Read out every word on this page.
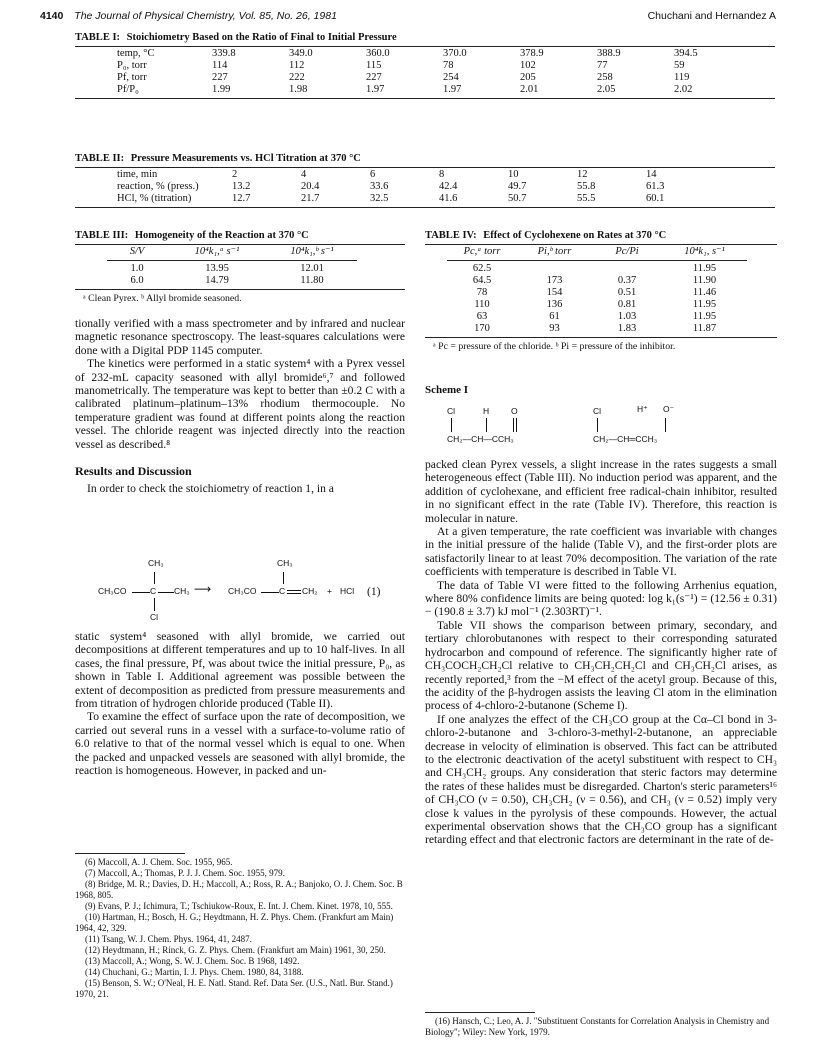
4140 The Journal of Physical Chemistry, Vol. 85, No. 26, 1981	Chuchani and Hernandez A
TABLE I: Stoichiometry Based on the Ratio of Final to Initial Pressure
temp, °C	339.8	349.0	360.0	370.0	378.9	388.9	394.5
P₀, torr	114	112	115	78	102	77	59
Pf, torr	227	222	227	254	205	258	119
Pf/P₀	1.99	1.98	1.97	1.97	2.01	2.05	2.02
TABLE II: Pressure Measurements vs. HCl Titration at 370 °C
time, min	2	4	6	8	10	12	14
reaction, % (press.)	13.2	20.4	33.6	42.4	49.7	55.8	61.3
HCl, % (titration)	12.7	21.7	32.5	41.6	50.7	55.5	60.1
TABLE III: Homogeneity of the Reaction at 370 °C
S/V	10⁴k₁,ᵃ s⁻¹	10⁴k₁,ᵇ s⁻¹
1.0	13.95	12.01
6.0	14.79	11.80
ᵃ Clean Pyrex. ᵇ Allyl bromide seasoned.
TABLE IV: Effect of Cyclohexene on Rates at 370 °C
Pc,ᵃ torr	Pi,ᵇ torr	Pc/Pi	10⁴k₁, s⁻¹
62.5			11.95
64.5	173	0.37	11.90
78	154	0.51	11.46
110	136	0.81	11.95
63	61	1.03	11.95
170	93	1.83	11.87
ᵃ Pc = pressure of the chloride. ᵇ Pi = pressure of the inhibitor.

tionally verified with a mass spectrometer and by infrared and nuclear magnetic resonance spectroscopy. The least-squares calculations were done with a Digital PDP 1145 computer.

The kinetics were performed in a static system⁴ with a Pyrex vessel of 232-mL capacity seasoned with allyl bromide⁶,⁷ and followed manometrically. The temperature was kept to better than ±0.2 C with a calibrated platinum–platinum–13% rhodium thermocouple. No temperature gradient was found at different points along the reaction vessel. The chloride reagent was injected directly into the reaction vessel as described.⁸

Results and Discussion

In order to check the stoichiometry of reaction 1, in a

CH₃	CH₃
CH₃CO	C CH₃ ⟶ CH₃CO	C CH₂ + HCl (1)
Cl

static system⁴ seasoned with allyl bromide, we carried out decompositions at different temperatures and up to 10 half-lives. In all cases, the final pressure, Pf, was about twice the initial pressure, P₀, as shown in Table I. Additional agreement was possible between the extent of decomposition as predicted from pressure measurements and from titration of hydrogen chloride produced (Table II).

To examine the effect of surface upon the rate of decomposition, we carried out several runs in a vessel with a surface-to-volume ratio of 6.0 relative to that of the normal vessel which is equal to one. When the packed and unpacked vessels are seasoned with allyl bromide, the reaction is homogeneous. However, in packed and un-

(6) Maccoll, A. J. Chem. Soc. 1955, 965.
(7) Maccoll, A.; Thomas, P. J. J. Chem. Soc. 1955, 979.
(8) Bridge, M. R.; Davies, D. H.; Maccoll, A.; Ross, R. A.; Banjoko, O. J. Chem. Soc. B 1968, 805.
(9) Evans, P. J.; Ichimura, T.; Tschiukow-Roux, E. Int. J. Chem. Kinet. 1978, 10, 555.
(10) Hartman, H.; Bosch, H. G.; Heydtmann, H. Z. Phys. Chem. (Frankfurt am Main) 1964, 42, 329.
(11) Tsang, W. J. Chem. Phys. 1964, 41, 2487.
(12) Heydtmann, H.; Rinck, G. Z. Phys. Chem. (Frankfurt am Main) 1961, 30, 250.
(13) Maccoll, A.; Wong, S. W. J. Chem. Soc. B 1968, 1492.
(14) Chuchani, G.; Martin, I. J. Phys. Chem. 1980, 84, 3188.
(15) Benson, S. W.; O'Neal, H. E. Natl. Stand. Ref. Data Ser. (U.S., Natl. Bur. Stand.) 1970, 21.
Scheme I
Cl	H	O
CH₂—CH—CCH₃
Cl	H⁺ O⁻
CH₂—CH═CCH₃

packed clean Pyrex vessels, a slight increase in the rates suggests a small heterogeneous effect (Table III). No induction period was apparent, and the addition of cyclohexane, and efficient free radical-chain inhibitor, resulted in no significant effect in the rate (Table IV). Therefore, this reaction is molecular in nature.

At a given temperature, the rate coefficient was invariable with changes in the initial pressure of the halide (Table V), and the first-order plots are satisfactorily linear to at least 70% decomposition. The variation of the rate coefficients with temperature is described in Table VI.

The data of Table VI were fitted to the following Arrhenius equation, where 80% confidence limits are being quoted: log k₁(s⁻¹) = (12.56 ± 0.31) − (190.8 ± 3.7) kJ mol⁻¹ (2.303RT)⁻¹.

Table VII shows the comparison between primary, secondary, and tertiary chlorobutanones with respect to their corresponding saturated hydrocarbon and compound of reference. The significantly higher rate of CH₃COCH₂CH₂Cl relative to CH₃CH₂CH₂Cl and CH₃CH₂Cl arises, as recently reported,³ from the −M effect of the acetyl group. Because of this, the acidity of the β-hydrogen assists the leaving Cl atom in the elimination process of 4-chloro-2-butanone (Scheme I).

If one analyzes the effect of the CH₃CO group at the Cα–Cl bond in 3-chloro-2-butanone and 3-chloro-3-methyl-2-butanone, an appreciable decrease in velocity of elimination is observed. This fact can be attributed to the electronic deactivation of the acetyl substituent with respect to CH₃ and CH₃CH₂ groups. Any consideration that steric factors may determine the rates of these halides must be disregarded. Charton's steric parameters¹⁶ of CH₃CO (ν = 0.50), CH₃CH₂ (ν = 0.56), and CH₃ (ν = 0.52) imply very close k values in the pyrolysis of these compounds. However, the actual experimental observation shows that the CH₃CO group has a significant retarding effect and that electronic factors are determinant in the rate of de-

(16) Hansch, C.; Leo, A. J. "Substituent Constants for Correlation Analysis in Chemistry and Biology"; Wiley: New York, 1979.
